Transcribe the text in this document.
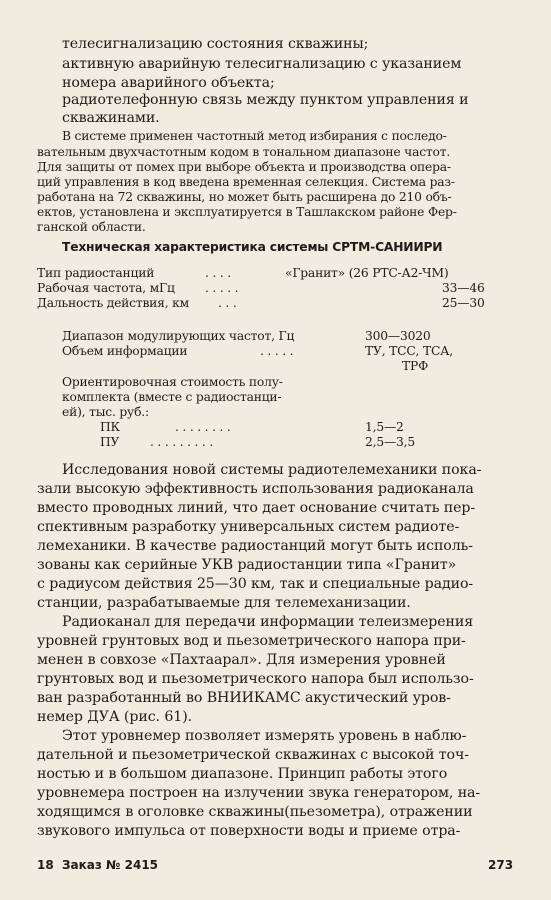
телесигнализацию состояния скважины;
активную аварийную телесигнализацию с указанием
номера аварийного объекта;
радиотелефонную связь между пунктом управления и
скважинами.
В системе применен частотный метод избирания с последо-
вательным двухчастотным кодом в тональном диапазоне частот.
Для защиты от помех при выборе объекта и производства опера-
ций управления в код введена временная селекция. Система раз-
работана на 72 скважины, но может быть расширена до 210 объ-
ектов, установлена и эксплуатируется в Ташлакском районе Фер-
ганской области.
Техническая характеристика системы СРТМ-САНИИРИ
Тип радиостанций	. . . .	«Гранит» (26 РТС-А2-ЧМ)
Рабочая частота, мГц . . . . .	33—46
Дальность действия, км . . .	25—30
Диапазон модулирующих частот, Гц	300—3020
Объем информации	. . . . .	ТУ, ТСС, ТСА,
ТРФ
Ориентировочная стоимость полу-
комплекта (вместе с радиостанци-
ей), тыс. руб.:
ПК	. . . . . . . .	1,5—2
ПУ	. . . . . . . . .	2,5—3,5
Исследования новой системы радиотелемеханики пока-
зали высокую эффективность использования радиоканала
вместо проводных линий, что дает основание считать пер-
спективным разработку универсальных систем радиоте-
лемеханики. В качестве радиостанций могут быть исполь-
зованы как серийные УКВ радиостанции типа «Гранит»
с радиусом действия 25—30 км, так и специальные радио-
станции, разрабатываемые для телемеханизации.
Радиоканал для передачи информации телеизмерения
уровней грунтовых вод и пьезометрического напора при-
менен в совхозе «Пахтаарал». Для измерения уровней
грунтовых вод и пьезометрического напора был использо-
ван разработанный во ВНИИКАМС акустический уров-
немер ДУА (рис. 61).
Этот уровнемер позволяет измерять уровень в наблю-
дательной и пьезометрической скважинах с высокой точ-
ностью и в большом диапазоне. Принцип работы этого
уровнемера построен на излучении звука генератором, на-
ходящимся в оголовке скважины(пьезометра), отражении
звукового импульса от поверхности воды и приеме отра-
18 Заказ № 2415	273
